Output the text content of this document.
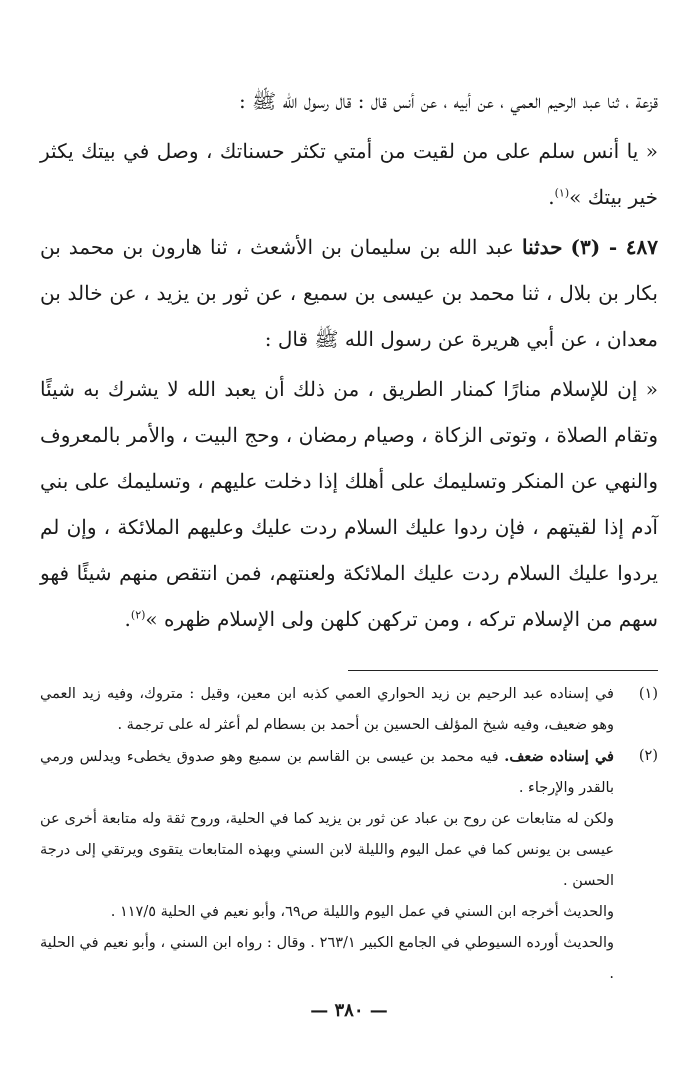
قزعة ، ثنا عبد الرحيم العمي ، عن أبيه ، عن أنس قال : قال رسول الله ﷺ :

« يا أنس سلم على من لقيت من أمتي تكثر حسناتك ، وصل في بيتك يكثر خير بيتك »$^{(١)}$.

٤٨٧ - (٣) حدثنا عبد الله بن سليمان بن الأشعث ، ثنا هارون بن محمد بن بكار بن بلال ، ثنا محمد بن عيسى بن سميع ، عن ثور بن يزيد ، عن خالد بن معدان ، عن أبي هريرة عن رسول الله ﷺ قال :

« إن للإسلام منارًا كمنار الطريق ، من ذلك أن يعبد الله لا يشرك به شيئًا وتقام الصلاة ، وتوتى الزكاة ، وصيام رمضان ، وحج البيت ، والأمر بالمعروف والنهي عن المنكر وتسليمك على أهلك إذا دخلت عليهم ، وتسليمك على بني آدم إذا لقيتهم ، فإن ردوا عليك السلام ردت عليك وعليهم الملائكة ، وإن لم يردوا عليك السلام ردت عليك الملائكة ولعنتهم، فمن انتقص منهم شيئًا فهو سهم من الإسلام تركه ، ومن تركهن كلهن ولى الإسلام ظهره »$^{(٢)}$.

(١)
في إسناده عبد الرحيم بن زيد الحواري العمي كذبه ابن معين، وقيل : متروك، وفيه زيد العمي وهو ضعيف، وفيه شيخ المؤلف الحسين بن أحمد بن بسطام لم أعثر له على ترجمة .
(٢)
في إسناده ضعف. فيه محمد بن عيسى بن القاسم بن سميع وهو صدوق يخطىء ويدلس ورمي بالقدر والإرجاء .
ولكن له متابعات عن روح بن عباد عن ثور بن يزيد كما في الحلية، وروح ثقة وله متابعة أخرى عن عيسى بن يونس كما في عمل اليوم والليلة لابن السني وبهذه المتابعات يتقوى ويرتقي إلى درجة الحسن .
والحديث أخرجه ابن السني في عمل اليوم والليلة ص٦٩، وأبو نعيم في الحلية ١١٧/٥ .
والحديث أورده السيوطي في الجامع الكبير ٢٦٣/١ . وقال : رواه ابن السني ، وأبو نعيم في الحلية .
— ٣٨٠ —
